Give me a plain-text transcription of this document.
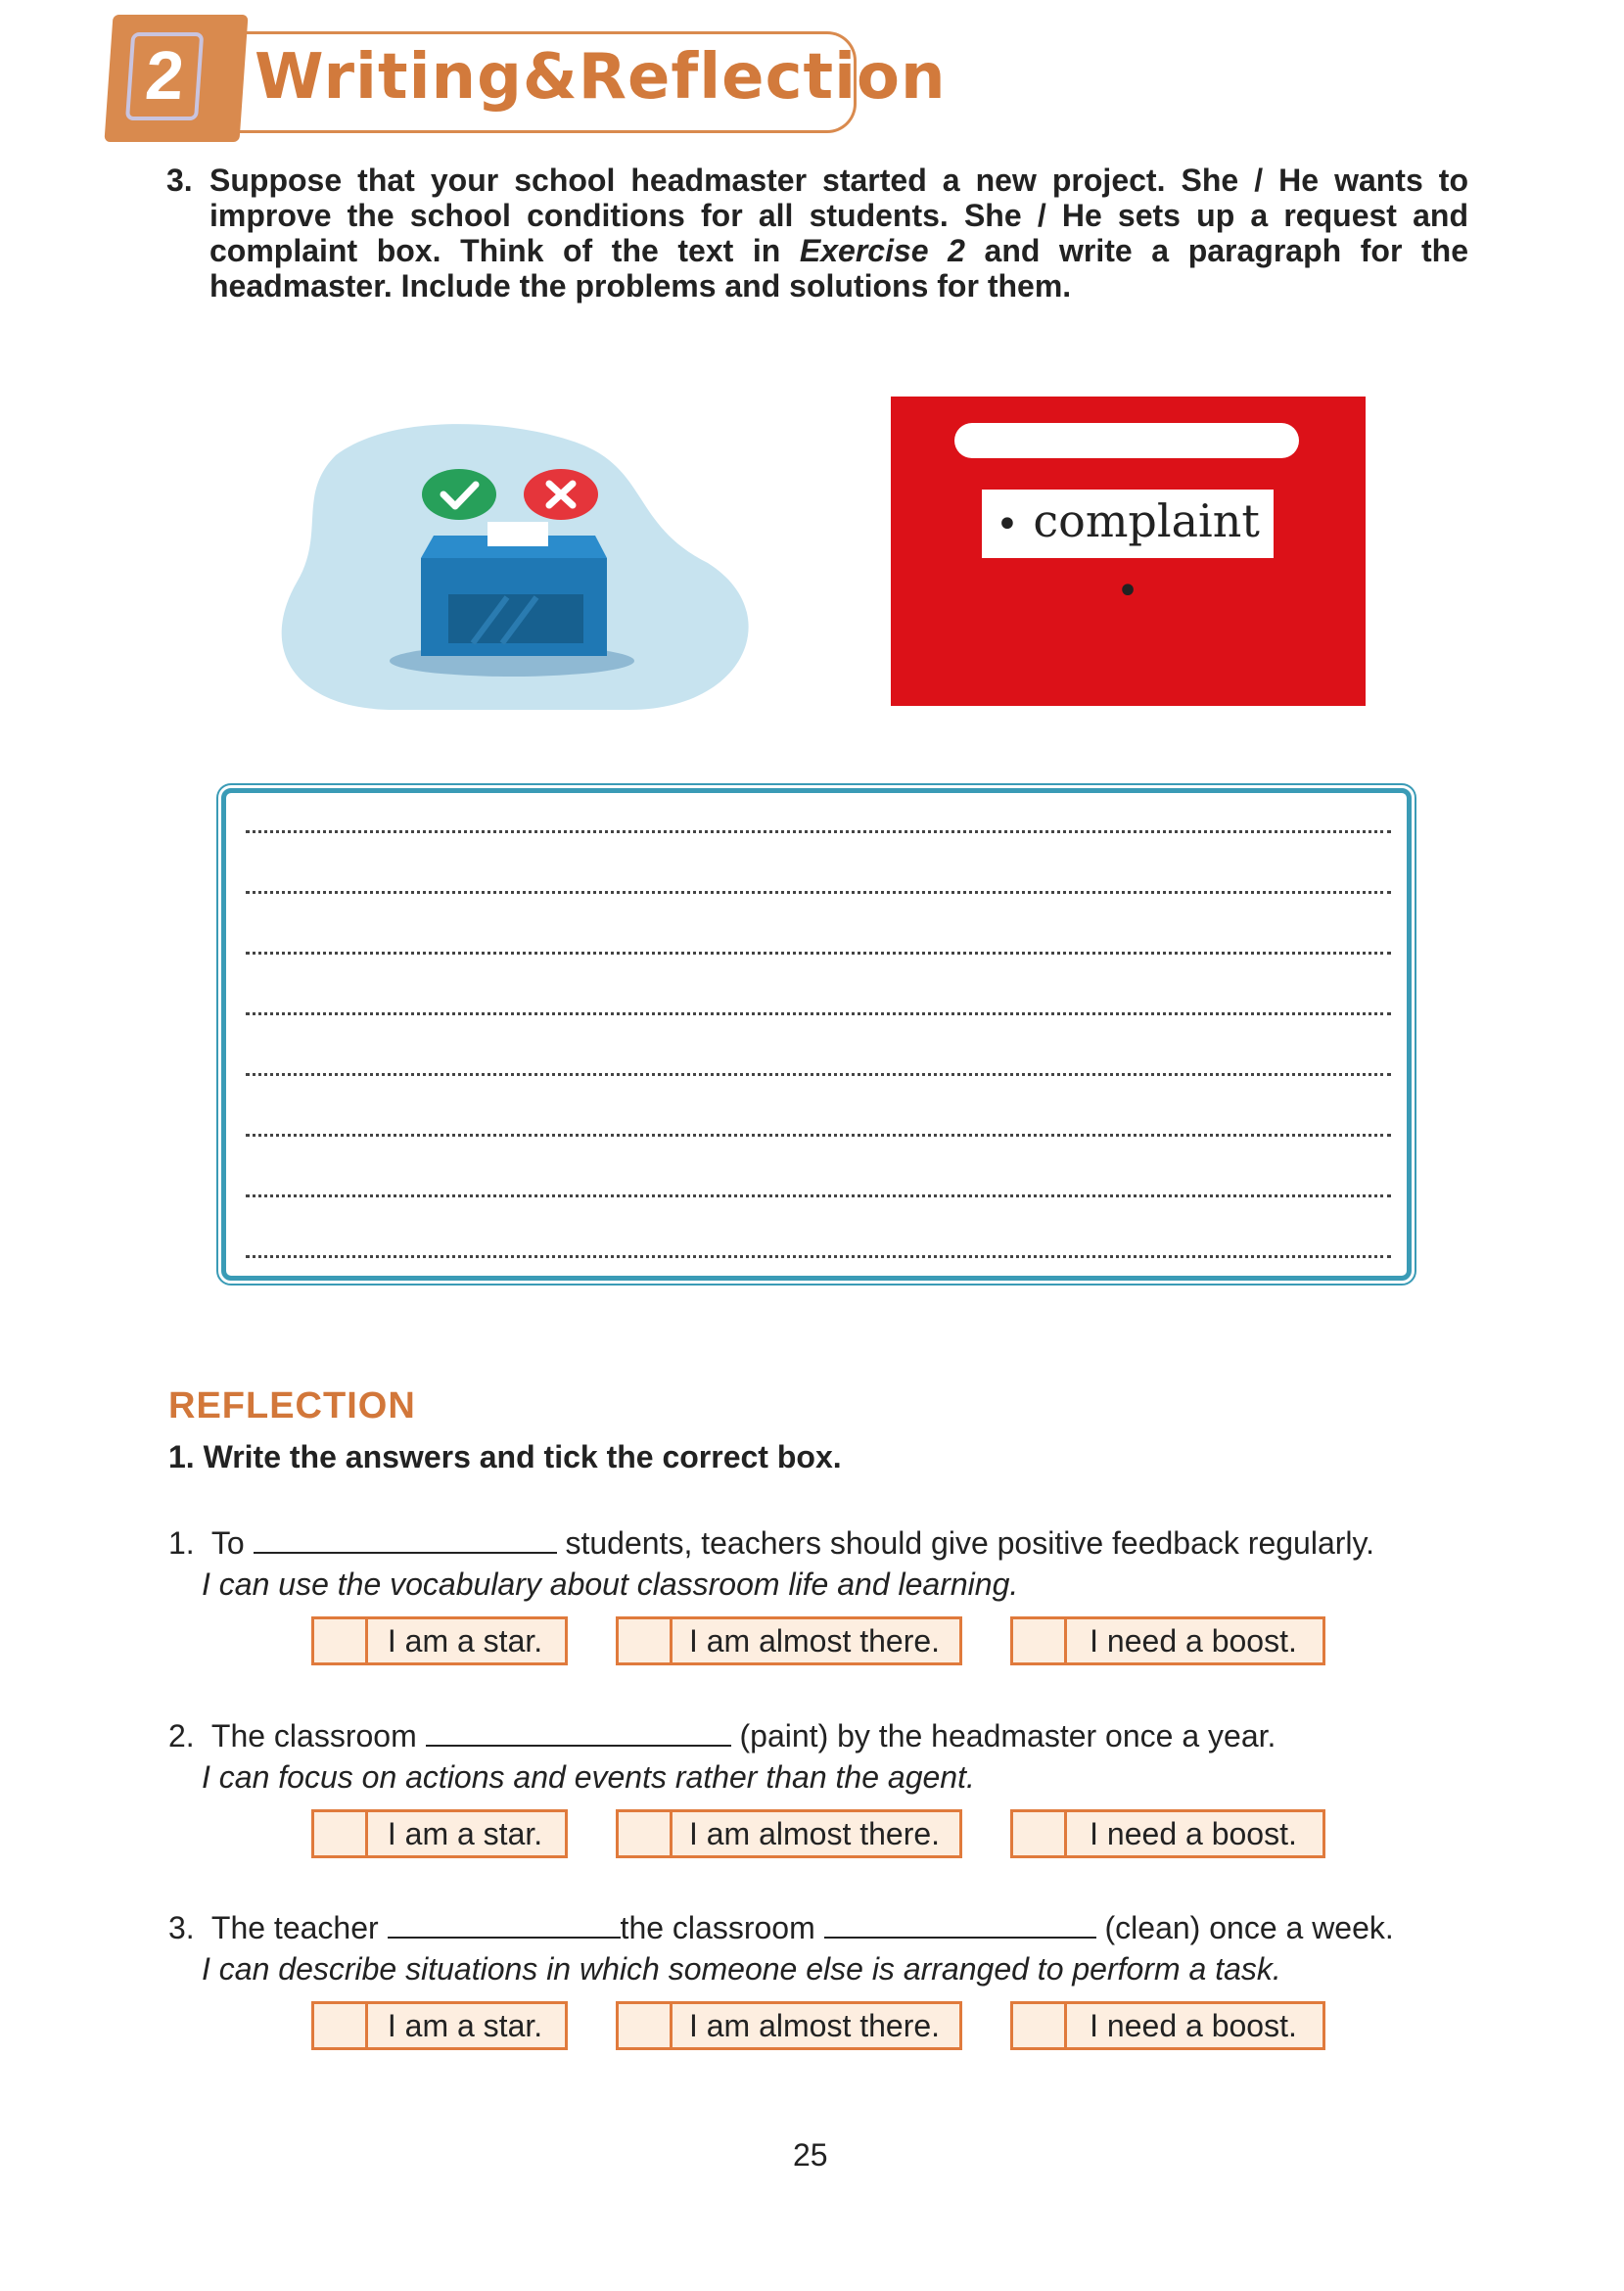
2 Writing&Reflection
3. Suppose that your school headmaster started a new project. She / He wants to improve the school conditions for all students. She / He sets up a request and complaint box. Think of the text in Exercise 2 and write a paragraph for the headmaster. Include the problems and solutions for them.
• complaint •
REFLECTION
1. Write the answers and tick the correct box.
1. To	students, teachers should give positive feedback regularly.
I can use the vocabulary about classroom life and learning.
I am a star.	I am almost there.	I need a boost.
2. The classroom	(paint) by the headmaster once a year.
I can focus on actions and events rather than the agent.
I am a star.	I am almost there.	I need a boost.
3. The teacher	the classroom	(clean) once a week.
I can describe situations in which someone else is arranged to perform a task.
I am a star.	I am almost there.	I need a boost.
25
